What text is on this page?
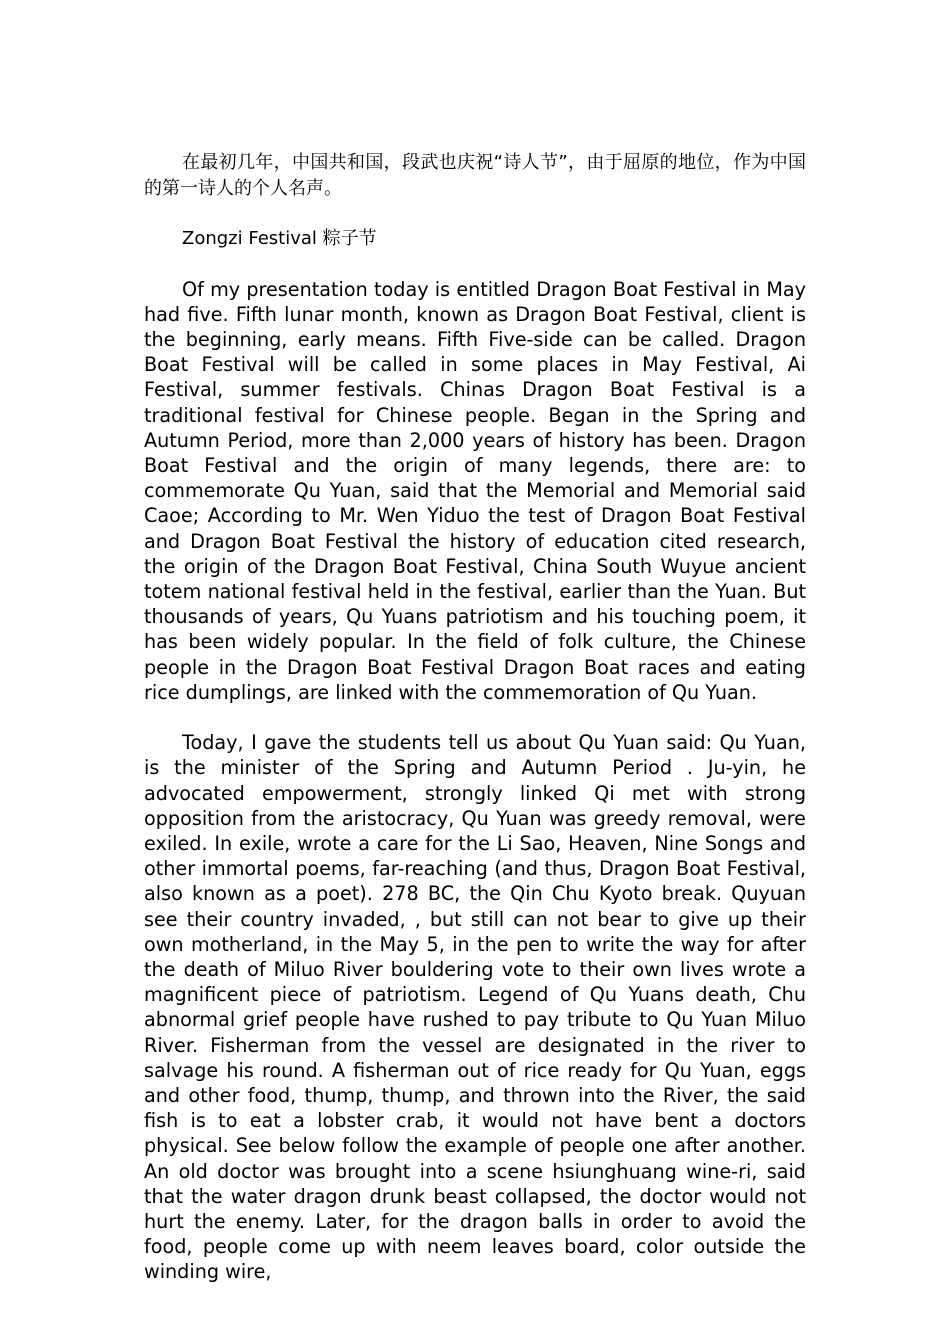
在最初几年，中国共和国，段武也庆祝“诗人节”，由于屈原的地位，作为中国的第一诗人的个人名声。

Zongzi Festival 粽子节

Of my presentation today is entitled Dragon Boat Festival in May had five. Fifth lunar month, known as Dragon Boat Festival, client is the beginning, early means. Fifth Five-side can be called. Dragon Boat Festival will be called in some places in May Festival, Ai Festival, summer festivals. Chinas Dragon Boat Festival is a traditional festival for Chinese people. Began in the Spring and Autumn Period, more than 2,000 years of history has been. Dragon Boat Festival and the origin of many legends, there are: to commemorate Qu Yuan, said that the Memorial and Memorial said Caoe; According to Mr. Wen Yiduo the test of Dragon Boat Festival and Dragon Boat Festival the history of education cited research, the origin of the Dragon Boat Festival, China South Wuyue ancient totem national festival held in the festival, earlier than the Yuan. But thousands of years, Qu Yuans patriotism and his touching poem, it has been widely popular. In the field of folk culture, the Chinese people in the Dragon Boat Festival Dragon Boat races and eating rice dumplings, are linked with the commemoration of Qu Yuan.

Today, I gave the students tell us about Qu Yuan said: Qu Yuan, is the minister of the Spring and Autumn Period . Ju-yin, he advocated empowerment, strongly linked Qi met with strong opposition from the aristocracy, Qu Yuan was greedy removal, were exiled. In exile, wrote a care for the Li Sao, Heaven, Nine Songs and other immortal poems, far-reaching (and thus, Dragon Boat Festival, also known as a poet). 278 BC, the Qin Chu Kyoto break. Quyuan see their country invaded, , but still can not bear to give up their own motherland, in the May 5, in the pen to write the way for after the death of Miluo River bouldering vote to their own lives wrote a magnificent piece of patriotism. Legend of Qu Yuans death, Chu abnormal grief people have rushed to pay tribute to Qu Yuan Miluo River. Fisherman from the vessel are designated in the river to salvage his round. A fisherman out of rice ready for Qu Yuan, eggs and other food, thump, thump, and thrown into the River, the said fish is to eat a lobster crab, it would not have bent a doctors physical. See below follow the example of people one after another. An old doctor was brought into a scene hsiunghuang wine-ri, said that the water dragon drunk beast collapsed, the doctor would not hurt the enemy. Later, for the dragon balls in order to avoid the food, people come up with neem leaves board, color outside the winding wire,
